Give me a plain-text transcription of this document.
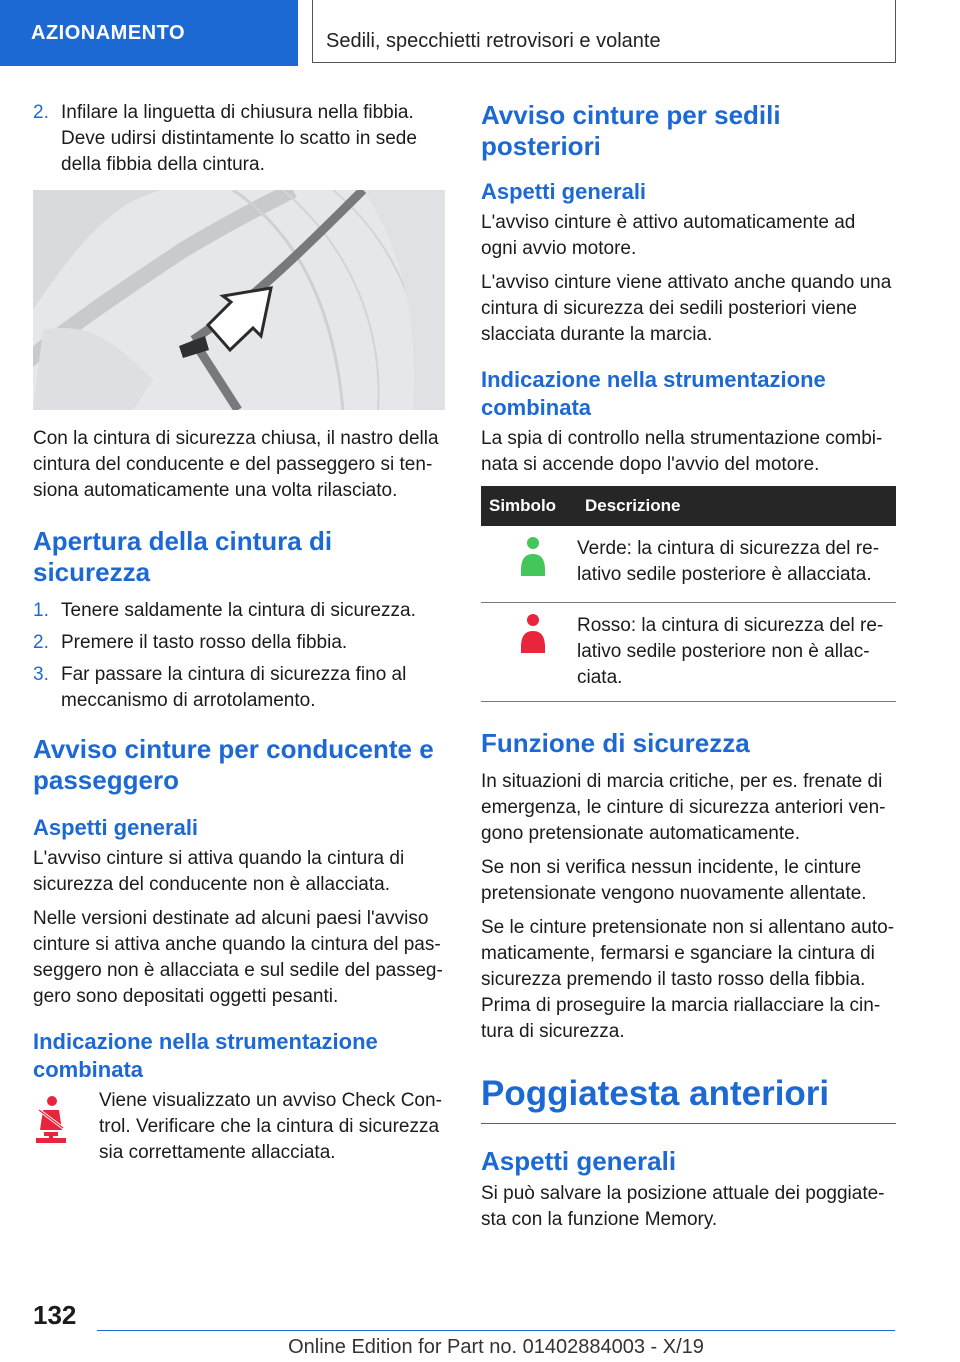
AZIONAMENTO	Sedili, specchietti retrovisori e volante
2. Infilare la linguetta di chiusura nella fibbia. Deve udirsi distintamente lo scatto in sede della fibbia della cintura.

Con la cintura di sicurezza chiusa, il nastro della cintura del conducente e del passeggero si tensiona automaticamente una volta rilasciato.

Apertura della cintura di sicurezza
1. Tenere saldamente la cintura di sicurezza.
2. Premere il tasto rosso della fibbia.
3. Far passare la cintura di sicurezza fino al meccanismo di arrotolamento.
Avviso cinture per conducente e passeggero
Aspetti generali

L'avviso cinture si attiva quando la cintura di sicurezza del conducente non è allacciata.

Nelle versioni destinate ad alcuni paesi l'avviso cinture si attiva anche quando la cintura del passeggero non è allacciata e sul sedile del passeggero sono depositati oggetti pesanti.

Indicazione nella strumentazione combinata

Viene visualizzato un avviso Check Control. Verificare che la cintura di sicurezza sia correttamente allacciata.

Avviso cinture per sedili posteriori
Aspetti generali

L'avviso cinture è attivo automaticamente ad ogni avvio motore.

L'avviso cinture viene attivato anche quando una cintura di sicurezza dei sedili posteriori viene slacciata durante la marcia.

Indicazione nella strumentazione combinata

La spia di controllo nella strumentazione combinata si accende dopo l'avvio del motore.

Simbolo	Descrizione
	Verde: la cintura di sicurezza del relativo sedile posteriore è allacciata.
	Rosso: la cintura di sicurezza del relativo sedile posteriore non è allacciata.
Funzione di sicurezza

In situazioni di marcia critiche, per es. frenate di emergenza, le cinture di sicurezza anteriori vengono pretensionate automaticamente.

Se non si verifica nessun incidente, le cinture pretensionate vengono nuovamente allentate.

Se le cinture pretensionate non si allentano automaticamente, fermarsi e sganciare la cintura di sicurezza premendo il tasto rosso della fibbia. Prima di proseguire la marcia riallacciare la cintura di sicurezza.

Poggiatesta anteriori
Aspetti generali

Si può salvare la posizione attuale dei poggiatesta con la funzione Memory.

132
Online Edition for Part no. 01402884003 - X/19
